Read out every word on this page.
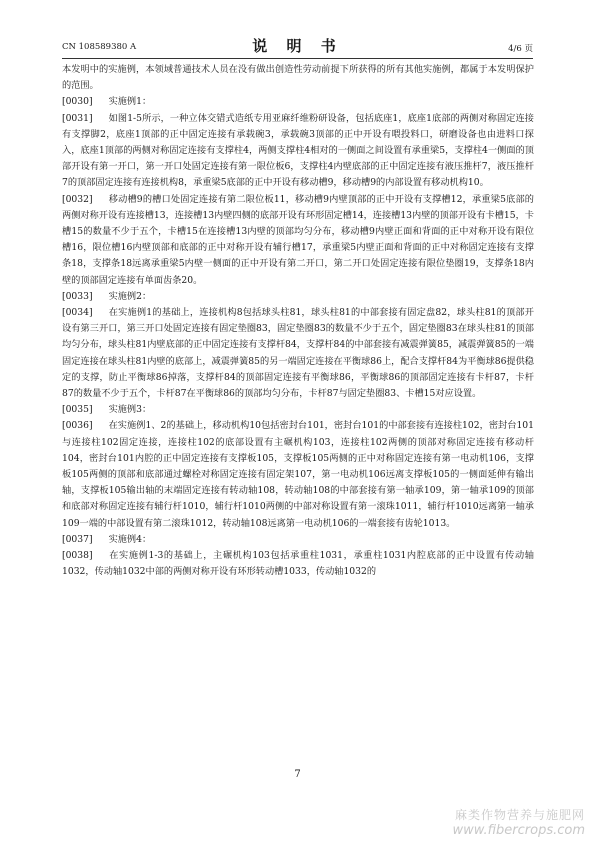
CN 108589380 A	说 明 书	4/6 页

本发明中的实施例，本领域普通技术人员在没有做出创造性劳动前提下所获得的所有其他实施例，都属于本发明保护的范围。

[0030] 实施例1：

[0031] 如图1-5所示，一种立体交错式造纸专用亚麻纤维粉研设备，包括底座1，底座1底部的两侧对称固定连接有支撑脚2，底座1顶部的正中固定连接有承载碗3，承载碗3顶部的正中开设有喂投料口，研磨设备也由进料口探入，底座1顶部的两侧对称固定连接有支撑柱4，两侧支撑柱4相对的一侧面之间设置有承重梁5，支撑柱4一侧面的顶部开设有第一开口，第一开口处固定连接有第一限位板6，支撑柱4内壁底部的正中固定连接有液压推杆7，液压推杆7的顶部固定连接有连接机构8，承重梁5底部的正中开设有移动槽9，移动槽9的内部设置有移动机构10。

[0032] 移动槽9的槽口处固定连接有第二限位板11，移动槽9内壁顶部的正中开设有支撑槽12，承重梁5底部的两侧对称开设有连接槽13，连接槽13内壁四侧的底部开设有环形固定槽14，连接槽13内壁的顶部开设有卡槽15，卡槽15的数量不少于五个，卡槽15在连接槽13内壁的顶部均匀分布，移动槽9内壁正面和背面的正中对称开设有限位槽16，限位槽16内壁顶部和底部的正中对称开设有辅行槽17，承重梁5内壁正面和背面的正中对称固定连接有支撑条18，支撑条18远离承重梁5内壁一侧面的正中开设有第二开口，第二开口处固定连接有限位垫圈19，支撑条18内壁的顶部固定连接有单面齿条20。

[0033] 实施例2：

[0034] 在实施例1的基础上，连接机构8包括球头柱81，球头柱81的中部套接有固定盘82，球头柱81的顶部开设有第三开口，第三开口处固定连接有固定垫圈83，固定垫圈83的数量不少于五个，固定垫圈83在球头柱81的顶部均匀分布，球头柱81内壁底部的正中固定连接有支撑杆84，支撑杆84的中部套接有减震弹簧85，减震弹簧85的一端固定连接在球头柱81内壁的底部上，减震弹簧85的另一端固定连接在平衡球86上，配合支撑杆84为平衡球86提供稳定的支撑，防止平衡球86掉落，支撑杆84的顶部固定连接有平衡球86，平衡球86的顶部固定连接有卡杆87，卡杆87的数量不少于五个，卡杆87在平衡球86的顶部均匀分布，卡杆87与固定垫圈83、卡槽15对应设置。

[0035] 实施例3：

[0036] 在实施例1、2的基础上，移动机构10包括密封台101，密封台101的中部套接有连接柱102，密封台101与连接柱102固定连接，连接柱102的底部设置有主碾机构103，连接柱102两侧的顶部对称固定连接有移动杆104，密封台101内腔的正中固定连接有支撑板105，支撑板105两侧的正中对称固定连接有第一电动机106，支撑板105两侧的顶部和底部通过螺栓对称固定连接有固定架107，第一电动机106远离支撑板105的一侧面延伸有输出轴，支撑板105输出轴的末端固定连接有转动轴108，转动轴108的中部套接有第一轴承109，第一轴承109的顶部和底部对称固定连接有辅行杆1010，辅行杆1010两侧的中部对称设置有第一滚珠1011，辅行杆1010远离第一轴承109一端的中部设置有第二滚珠1012，转动轴108远离第一电动机106的一端套接有齿轮1013。

[0037] 实施例4：

[0038] 在实施例1-3的基础上，主碾机构103包括承重柱1031，承重柱1031内腔底部的正中设置有传动轴1032，传动轴1032中部的两侧对称开设有环形转动槽1033，传动轴1032的

7
麻类作物营养与施肥网
www.fibercrops.com
